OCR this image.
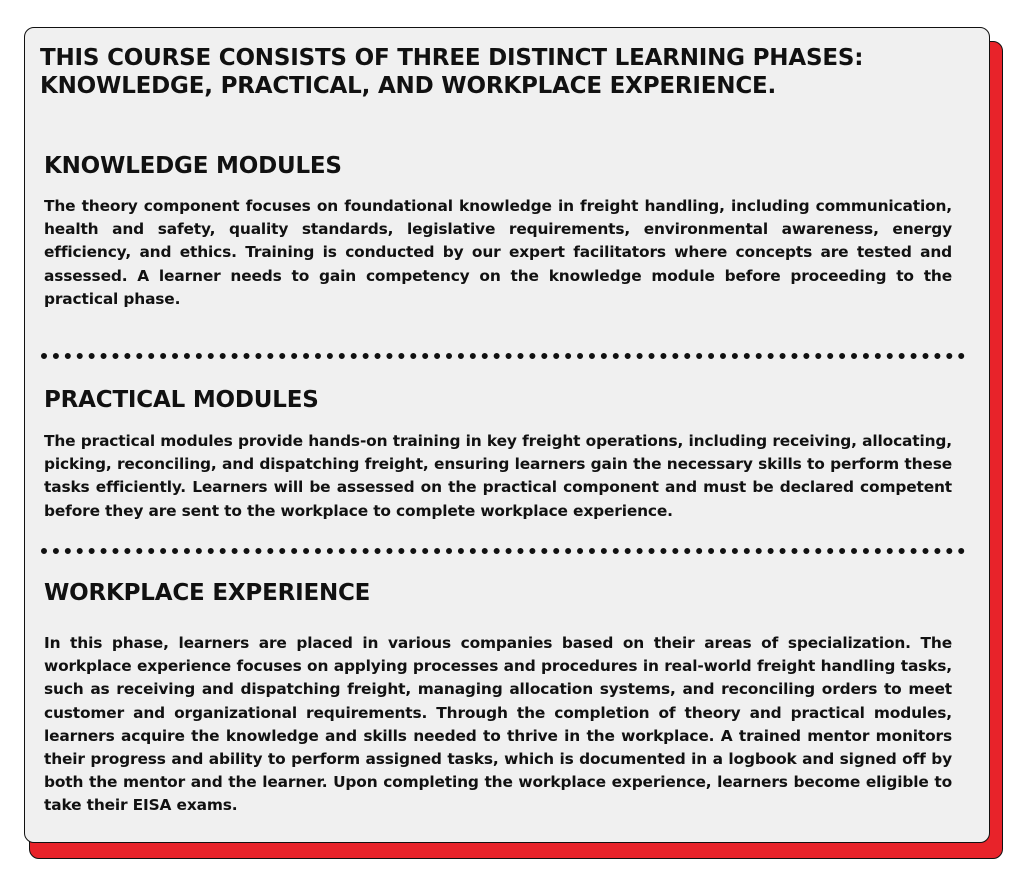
THIS COURSE CONSISTS OF THREE DISTINCT LEARNING PHASES: KNOWLEDGE, PRACTICAL, AND WORKPLACE EXPERIENCE.
KNOWLEDGE MODULES

The theory component focuses on foundational knowledge in freight handling, including communication, health and safety, quality standards, legislative requirements, environmental awareness, energy efficiency, and ethics. Training is conducted by our expert facilitators where concepts are tested and assessed. A learner needs to gain competency on the knowledge module before proceeding to the practical phase.

PRACTICAL MODULES

The practical modules provide hands-on training in key freight operations, including receiving, allocating, picking, reconciling, and dispatching freight, ensuring learners gain the necessary skills to perform these tasks efficiently. Learners will be assessed on the practical component and must be declared competent before they are sent to the workplace to complete workplace experience.

WORKPLACE EXPERIENCE

In this phase, learners are placed in various companies based on their areas of specialization. The workplace experience focuses on applying processes and procedures in real-world freight handling tasks, such as receiving and dispatching freight, managing allocation systems, and reconciling orders to meet customer and organizational requirements. Through the completion of theory and practical modules, learners acquire the knowledge and skills needed to thrive in the workplace. A trained mentor monitors their progress and ability to perform assigned tasks, which is documented in a logbook and signed off by both the mentor and the learner. Upon completing the workplace experience, learners become eligible to take their EISA exams.
